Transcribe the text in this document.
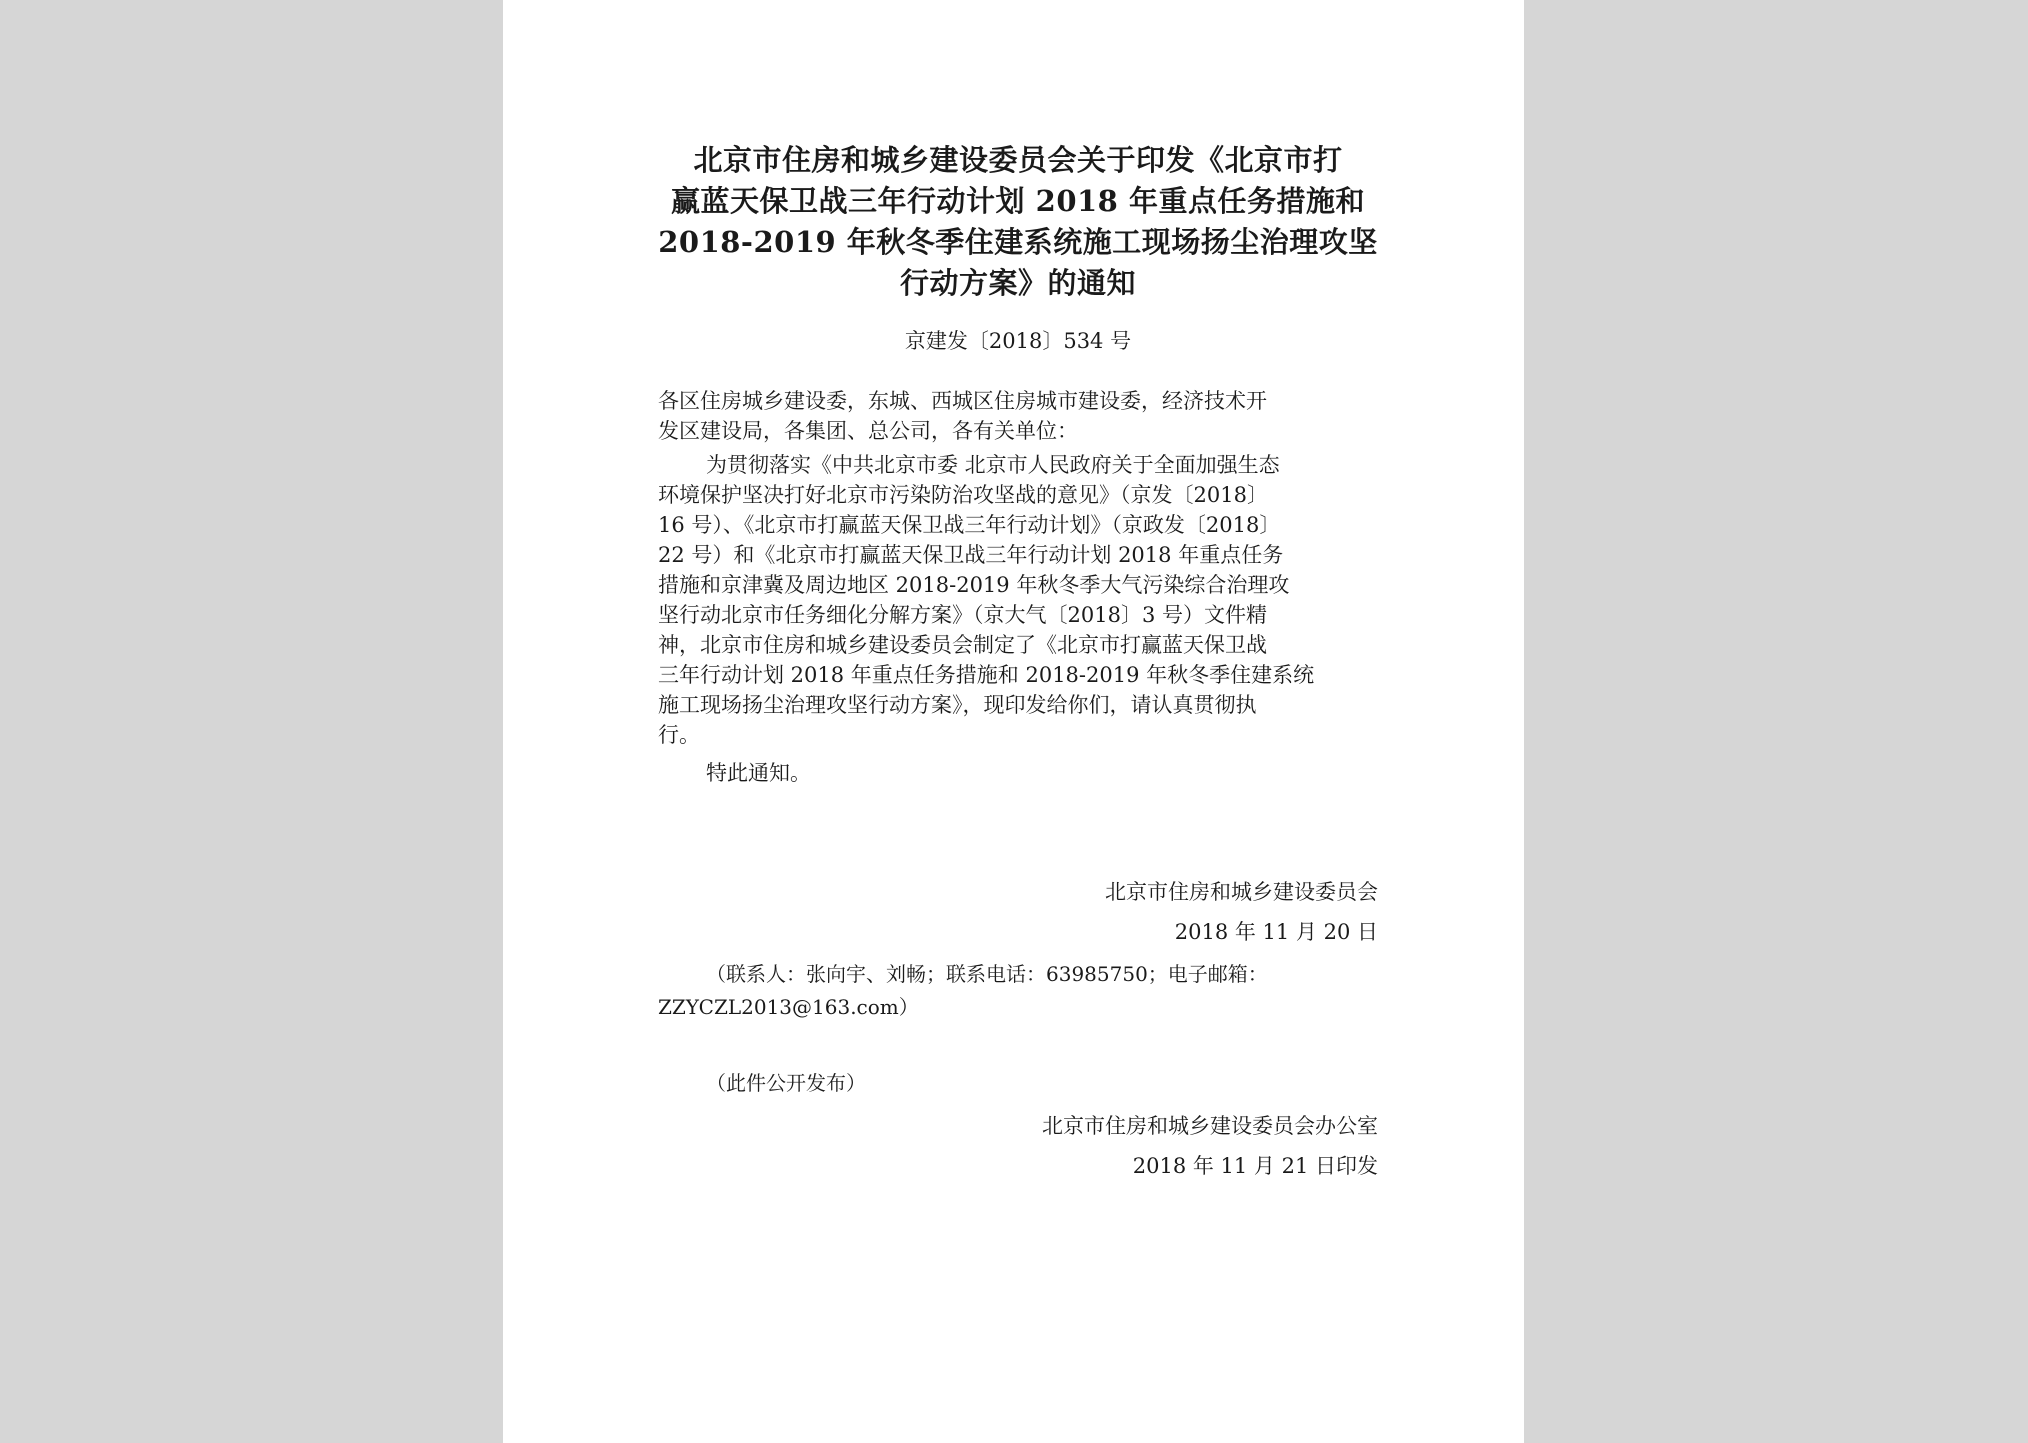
北京市住房和城乡建设委员会关于印发《北京市打
赢蓝天保卫战三年行动计划 2018 年重点任务措施和
2018-2019 年秋冬季住建系统施工现场扬尘治理攻坚
行动方案》的通知
京建发〔2018〕534 号
各区住房城乡建设委，东城、西城区住房城市建设委，经济技术开
发区建设局，各集团、总公司，各有关单位：
为贯彻落实《中共北京市委 北京市人民政府关于全面加强生态
环境保护坚决打好北京市污染防治攻坚战的意见》（京发〔2018〕
16 号）、《北京市打赢蓝天保卫战三年行动计划》（京政发〔2018〕
22 号）和《北京市打赢蓝天保卫战三年行动计划 2018 年重点任务
措施和京津冀及周边地区 2018-2019 年秋冬季大气污染综合治理攻
坚行动北京市任务细化分解方案》（京大气〔2018〕3 号）文件精
神，北京市住房和城乡建设委员会制定了《北京市打赢蓝天保卫战
三年行动计划 2018 年重点任务措施和 2018-2019 年秋冬季住建系统
施工现场扬尘治理攻坚行动方案》，现印发给你们，请认真贯彻执
行。
特此通知。
北京市住房和城乡建设委员会
2018 年 11 月 20 日
（联系人：张向宇、刘畅；联系电话：63985750；电子邮箱：
ZZYCZL2013@163.com）
（此件公开发布）
北京市住房和城乡建设委员会办公室
2018 年 11 月 21 日印发
